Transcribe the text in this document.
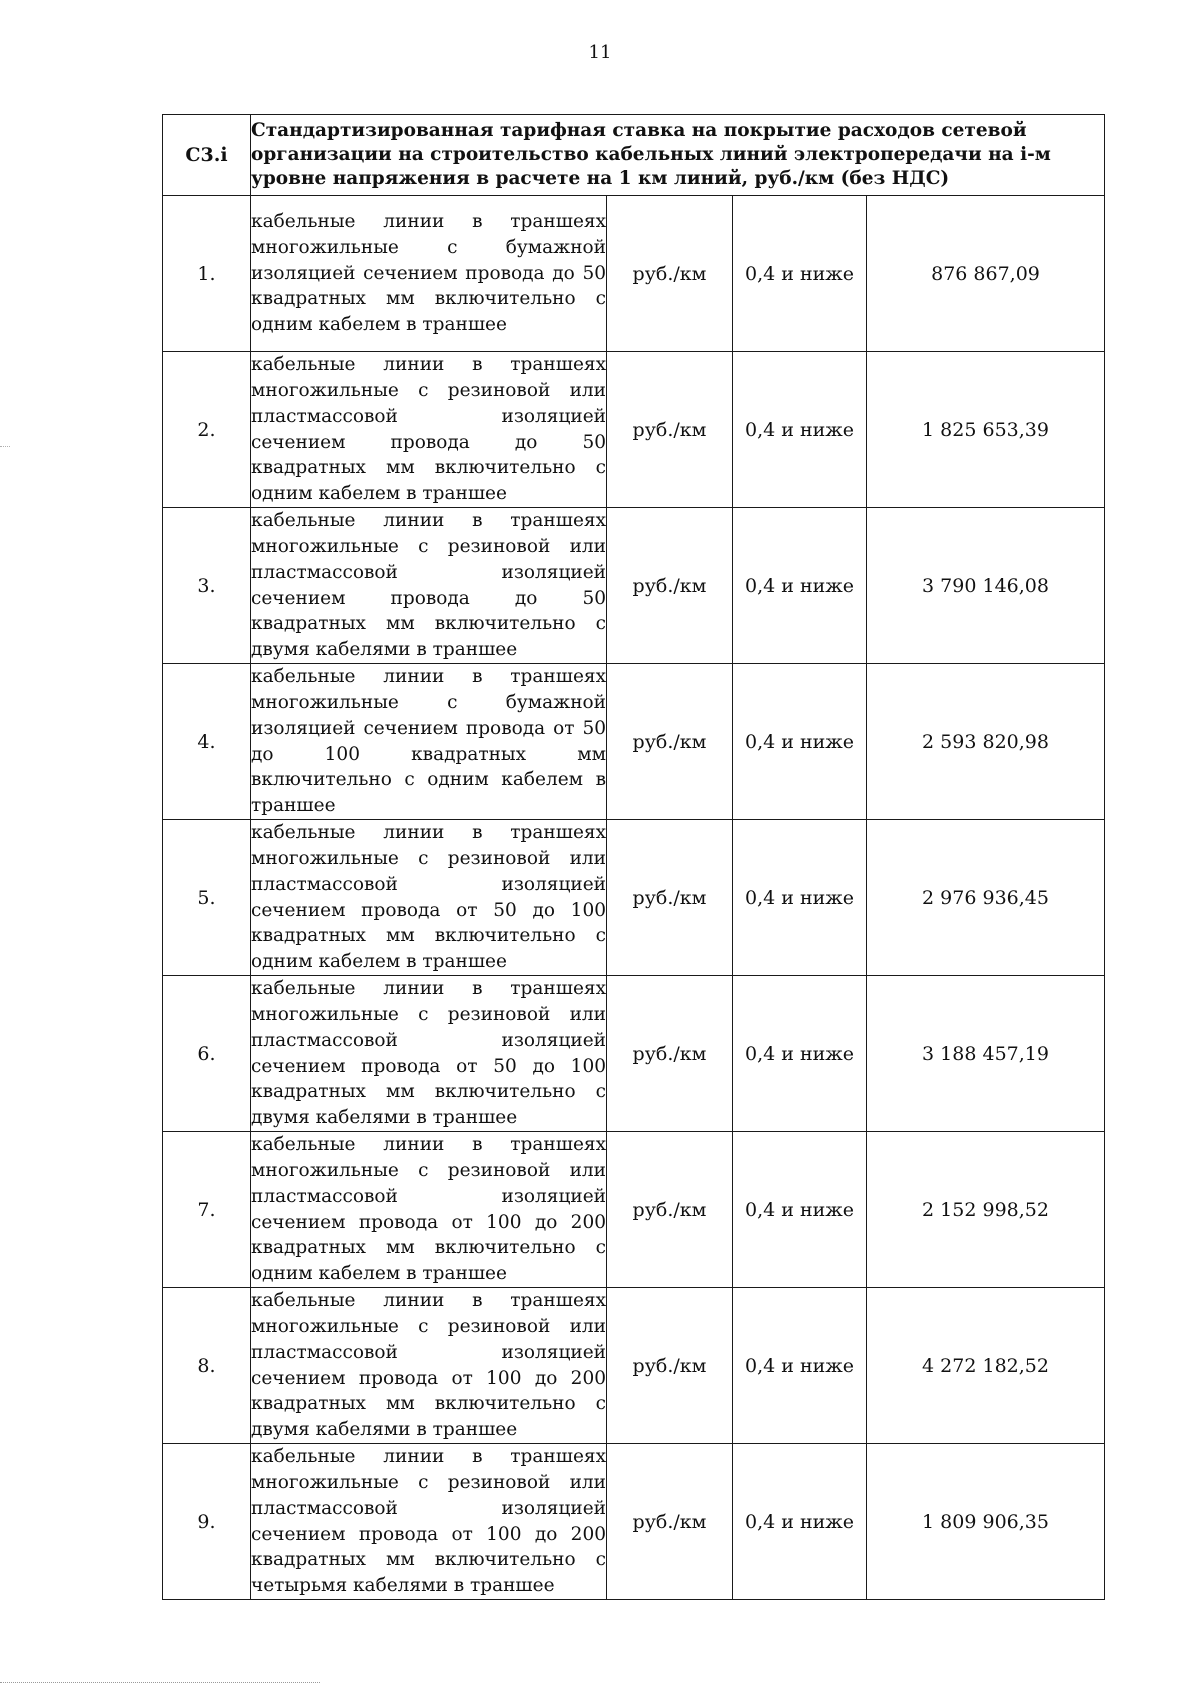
11
С3.i	Стандартизированная тарифная ставка на покрытие расходов сетевой организации на строительство кабельных линий электропередачи на i-м уровне напряжения в расчете на 1 км линий, руб./км (без НДС)			
1.	кабельные линии в траншеях многожильные с бумажной изоляцией сечением провода до 50 квадратных мм включительно с одним кабелем в траншее	руб./км	0,4 и ниже	876 867,09
2.	кабельные линии в траншеях многожильные с резиновой или пластмассовой изоляцией сечением провода до 50 квадратных мм включительно с одним кабелем в траншее	руб./км	0,4 и ниже	1 825 653,39
3.	кабельные линии в траншеях многожильные с резиновой или пластмассовой изоляцией сечением провода до 50 квадратных мм включительно с двумя кабелями в траншее	руб./км	0,4 и ниже	3 790 146,08
4.	кабельные линии в траншеях многожильные с бумажной изоляцией сечением провода от 50 до 100 квадратных мм включительно с одним кабелем в траншее	руб./км	0,4 и ниже	2 593 820,98
5.	кабельные линии в траншеях многожильные с резиновой или пластмассовой изоляцией сечением провода от 50 до 100 квадратных мм включительно с одним кабелем в траншее	руб./км	0,4 и ниже	2 976 936,45
6.	кабельные линии в траншеях многожильные с резиновой или пластмассовой изоляцией сечением провода от 50 до 100 квадратных мм включительно с двумя кабелями в траншее	руб./км	0,4 и ниже	3 188 457,19
7.	кабельные линии в траншеях многожильные с резиновой или пластмассовой изоляцией сечением провода от 100 до 200 квадратных мм включительно с одним кабелем в траншее	руб./км	0,4 и ниже	2 152 998,52
8.	кабельные линии в траншеях многожильные с резиновой или пластмассовой изоляцией сечением провода от 100 до 200 квадратных мм включительно с двумя кабелями в траншее	руб./км	0,4 и ниже	4 272 182,52
9.	кабельные линии в траншеях многожильные с резиновой или пластмассовой изоляцией сечением провода от 100 до 200 квадратных мм включительно с четырьмя кабелями в траншее	руб./км	0,4 и ниже	1 809 906,35
